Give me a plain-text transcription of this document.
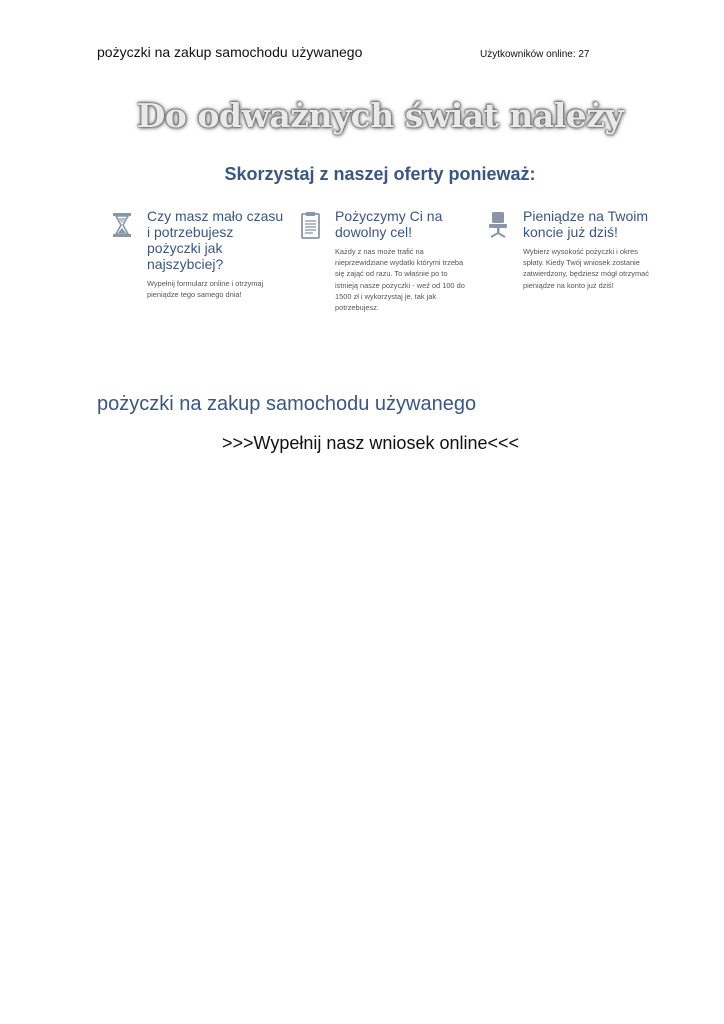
pożyczki na zakup samochodu używanego	Użytkowników online: 27
Do odważnych świat należy
Skorzystaj z naszej oferty ponieważ:
Czy masz mało czasu i potrzebujesz pożyczki jak najszybciej?
Wypełnij formularz online i otrzymaj pieniądze tego samego dnia!
Pożyczymy Ci na dowolny cel!
Każdy z nas może trafić na nieprzewidziane wydatki którymi trzeba się zająć od razu. To właśnie po to istnieją nasze pożyczki - weź od 100 do 1500 zł i wykorzystaj je, tak jak potrzebujesz.
Pieniądze na Twoim koncie już dziś!
Wybierz wysokość pożyczki i okres spłaty. Kiedy Twój wniosek zostanie zatwierdzony, będziesz mógł otrzymać pieniądze na konto już dziś!
pożyczki na zakup samochodu używanego
>>>Wypełnij nasz wniosek online<<<
